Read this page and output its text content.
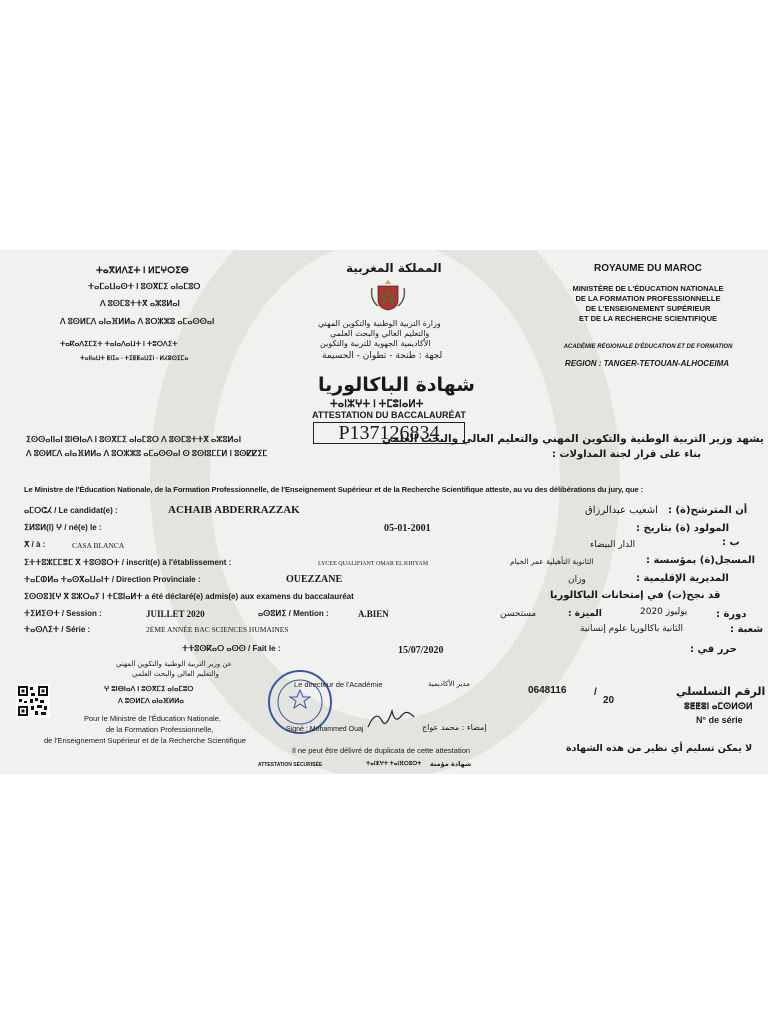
ROYAUME DU MAROC
MINISTÈRE DE L'ÉDUCATION NATIONALE
DE LA FORMATION PROFESSIONNELLE
DE L'ENSEIGNEMENT SUPÉRIEUR
ET DE LA RECHERCHE SCIENTIFIQUE
ACADÉMIE RÉGIONALE D'ÉDUCATION ET DE FORMATION
REGION : TANGER-TETOUAN-ALHOCEIMA
المملكة المغربية
وزارة التربية الوطنية والتكوين المهني
والتعليم العالي والبحث العلمي
الأكاديمية الجهوية للتربية والتكوين
لجهة : طنجة - تطوان - الحسيمة
شهادة الباكالوريا
ⵜⴰⵏⵣⵖⵜ ⵏ ⵜⵎⵓⵏⴰⵍⵜ
ATTESTATION DU BACCALAURÉAT
P137126834
ⵜⴰⴳⵍⴷⵉⵜ ⵏ ⵍⵎⵖⵔⵉⴱ
ⵜⴰⵎⴰⵡⴰⵙⵜ ⵏ ⵓⵙⴳⵎⵉ ⴰⵏⴰⵎⵓⵔ
ⴷ ⵓⵙⵎⵓⵜⵜⴳ ⴰⵣⵓⵍⴰⵏ
ⴷ ⵓⵙⵍⵎⴷ ⴰⵏⴰⴼⵍⵍⴰ ⴷ ⵓⵔⵣⵣⵓ ⴰⵎⴰⵙⵙⴰⵏ
ⵜⴰⴽⴰⴷⵉⵎⵉⵜ ⵜⴰⵏⴰⴷⴰⵡⵜ ⵏ ⵜⵓⵔⴷⵉⵜ
ⵜⴰⵏⵏⴰⵡⵜ ⵟⵏⵊⴰ - ⵜⵉⵟⵟⴰⵡⵉⵏ - ⵍⵃⵓⵙⵉⵎⴰ
ⵉⵙⵙⴰⵏⵏⴰⵏ ⵓⵏⴱⵏⴰⴷ ⵏ ⵓⵙⴳⵎⵉ ⴰⵏⴰⵎⵓⵔ ⴷ ⵓⵙⵎⵓⵜⵜⴳ ⴰⵣⵓⵍⴰⵏ
ⴷ ⵓⵙⵍⵎⴷ ⴰⵏⴰⴼⵍⵍⴰ ⴷ ⵓⵔⵣⵣⵓ ⴰⵎⴰⵙⵙⴰⵏ ⵙ ⵓⵙⵏⵓⵎⵎⵍ ⵏ ⵓⵙⵇⵇⵉⵎ
يشهد وزير التربية الوطنية والتكوين المهني والتعليم العالي والبحث العلمي
بناء على قرار لجنة المداولات :
Le Ministre de l'Éducation Nationale, de la Formation Professionnelle, de l'Enseignement Supérieur et de la Recherche Scientifique atteste, au vu des délibérations du jury, que :
ⴰⵎⵔⵛⵃ / Le candidat(e) :	ACHAIB ABDERRAZZAK	اشعيب عبدالرزاق أن المترشح(ة) :
ⵉⵍⵓⵍ(ⵏ) ⵖ / né(e) le :	05-01-2001	المولود (ة) بتاريخ :
ⵅ / à :	CASA BLANCA	الدار البيضاء	ب :
ⵉⵜⵜⵓⵣⵎⵎⴻⵎ ⴳ ⵜⵓⵙⵓⵔⵜ / inscrit(e) à l'établissement :	LYCEE QUALIFIANT OMAR EL KHIYAM	الثانوية التأهيلية عمر الخيام	المسجل(ة) بمؤسسة :
ⵜⴰⵎⵀⵍⴰ ⵜⴰⵙⴳⴰⵡⴰⵏⵜ / Direction Provinciale :	OUEZZANE	وزان	المديرية الإقليمية :
ⵉⵙⵙⵓⴼⵖ ⴳ ⵓⵣⵔⴰⵢ ⵏ ⵜⵎⵓⵏⴰⵍⵜ a été déclaré(e) admis(e) aux examens du baccalauréat	قد نجح(ت) في إمتحانات الباكالوريا
ⵜⵉⵍⵉⵙⵜ / Session :	JUILLET 2020	ⴰⵙⵓⵍⵉ / Mention :	A.BIEN	مستحسن	الميزة :	يوليوز 2020	دورة :
ⵜⴰⵙⴷⵉⵜ / Série :	2ÈME ANNÉE BAC SCIENCES HUMAINES	الثانية باكالوريا علوم إنسانية	شعبة :
ⵜⵜⵓⵙⴽⴰⵔ ⴰⵙⵙ / Fait le :	15/07/2020	حرر في :
عن وزير التربية الوطنية والتكوين المهني
والتعليم العالي والبحث العلمي
ⵖ ⵓⵏⴱⵏⴰⴷ ⵏ ⵓⵙⴳⵎⵉ ⴰⵏⴰⵎⵓⵔ
ⴷ ⵓⵙⵍⵎⴷ ⴰⵏⴰⴼⵍⵍⴰ
Pour le Ministre de l'Éducation Nationale,
de la Formation Professionnelle,
de l'Enseignement Supérieur et de la Recherche Scientifique
Le directeur de l'Académie	مدير الأكاديمية
Signé : Mohammed Ouaj	إمضاء : محمد عواج
0648116	/
20
الرقم التسلسلي
ⵓⵟⵟⵓⵏ ⴰⵎⵙⵍⵙⵍ
N° de série
Il ne peut être délivré de duplicata de cette attestation	لا يمكن تسليم أي نظير من هذه الشهادة
ATTESTATION SÉCURISÉE	ⵜⴰⵏⵣⵖⵜ ⵜⴰⵏⴼⵔⵓⵔⵜ شهادة مؤمنة
